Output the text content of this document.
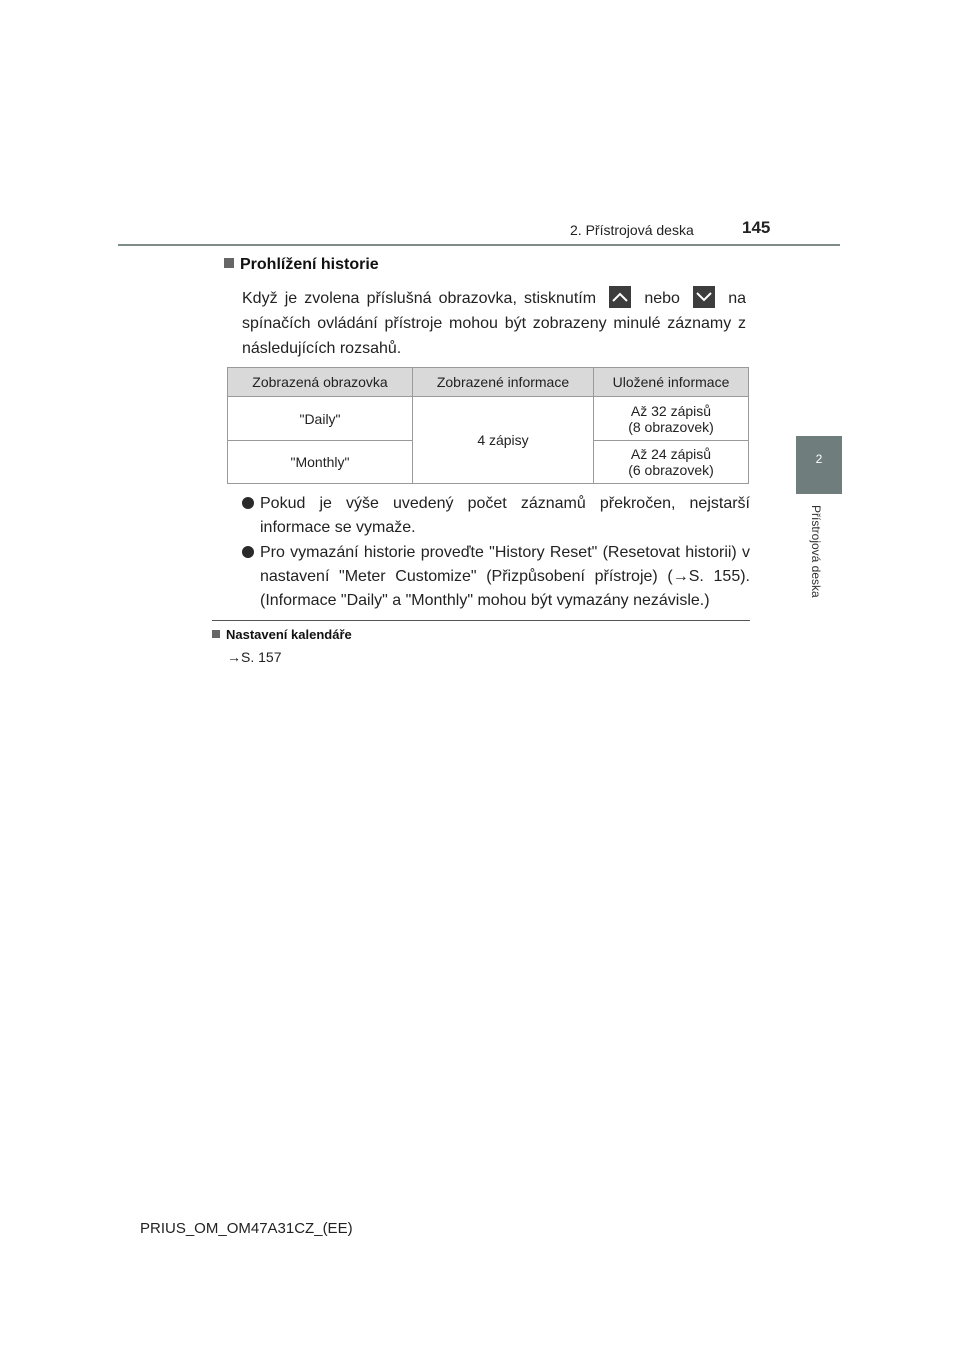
2. Přístrojová deska	145
2
Přístrojová deska
Prohlížení historie
Když je zvolena příslušná obrazovka, stisknutím	nebo	na spínačích ovládání přístroje mohou být zobrazeny minulé záznamy z následujících rozsahů.
Zobrazená obrazovka	Zobrazené informace	Uložené informace
"Daily"	4 zápisy	Až 32 zápisů
(8 obrazovek)

"Monthly"		Až 24 zápisů
(6 obrazovek)
Pokud je výše uvedený počet záznamů překročen, nejstarší informace se vymaže.
Pro vymazání historie proveďte "History Reset" (Resetovat historii) v nastavení "Meter Customize" (Přizpůsobení přístroje) (→S. 155). (Informace "Daily" a "Monthly" mohou být vymazány nezávisle.)
Nastavení kalendáře
→S. 157
PRIUS_OM_OM47A31CZ_(EE)
